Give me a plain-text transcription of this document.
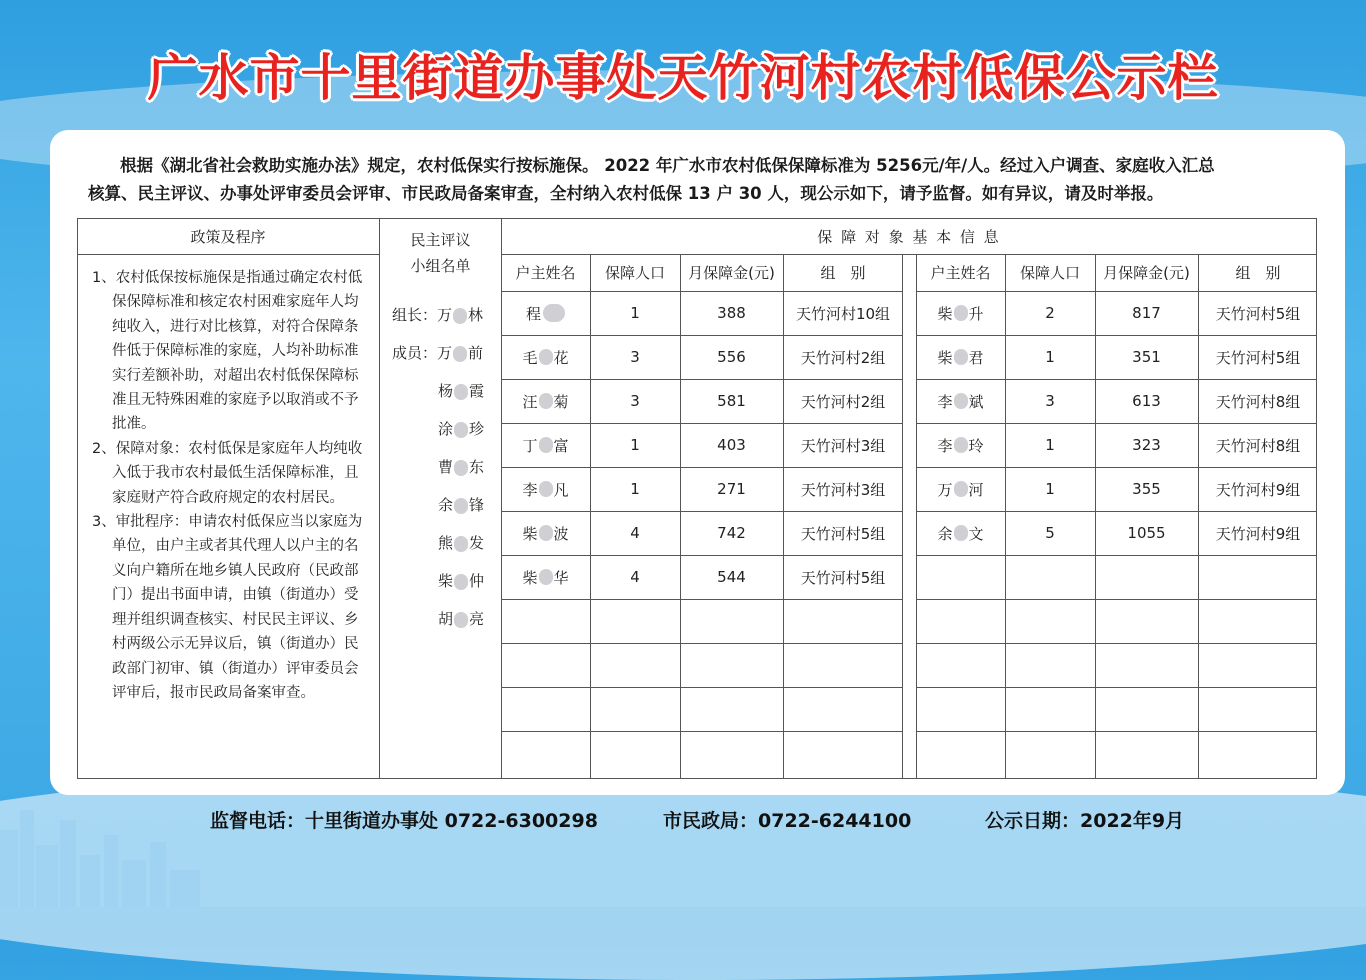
广水市十里街道办事处天竹河村农村低保公示栏

根据《湖北省社会救助实施办法》规定，农村低保实行按标施保。 2022 年广水市农村低保保障标准为 5256元/年/人。经过入户调查、家庭收入汇总

核算、民主评议、办事处评审委员会评审、市民政局备案审查，全村纳入农村低保 13 户 30 人，现公示如下，请予监督。如有异议，请及时举报。

政策及程序
1、农村低保按标施保是指通过确定农村低保保障标准和核定农村困难家庭年人均纯收入，进行对比核算，对符合保障条件低于保障标准的家庭，人均补助标准实行差额补助，对超出农村低保保障标准且无特殊困难的家庭予以取消或不予批准。
2、保障对象：农村低保是家庭年人均纯收入低于我市农村最低生活保障标准，且家庭财产符合政府规定的农村居民。
3、审批程序：申请农村低保应当以家庭为单位，由户主或者其代理人以户主的名义向户籍所在地乡镇人民政府（民政部门）提出书面申请，由镇（街道办）受理并组织调查核实、村民民主评议、乡村两级公示无异议后，镇（街道办）民政部门初审、镇（街道办）评审委员会评审后，报市民政局备案审查。
民主评议
小组名单
组长：万 林
成员：万 前
杨 霞
涂 珍
曹 东
余 锋
熊 发
柴 仲
胡 亮
保 障 对 象 基 本 信 息
户主姓名	保障人口	月保障金(元)	组　别
程	1	388	天竹河村10组
毛 花	3	556	天竹河村2组
汪 菊	3	581	天竹河村2组
丁 富	1	403	天竹河村3组
李 凡	1	271	天竹河村3组
柴 波	4	742	天竹河村5组
柴 华	4	544	天竹河村5组
户主姓名	保障人口	月保障金(元)	组　别
柴 升	2	817	天竹河村5组
柴 君	1	351	天竹河村5组
李 斌	3	613	天竹河村8组
李 玲	1	323	天竹河村8组
万 河	1	355	天竹河村9组
余 文	5	1055	天竹河村9组
监督电话：十里街道办事处 0722-6300298	市民政局：0722-6244100	公示日期：2022年9月
